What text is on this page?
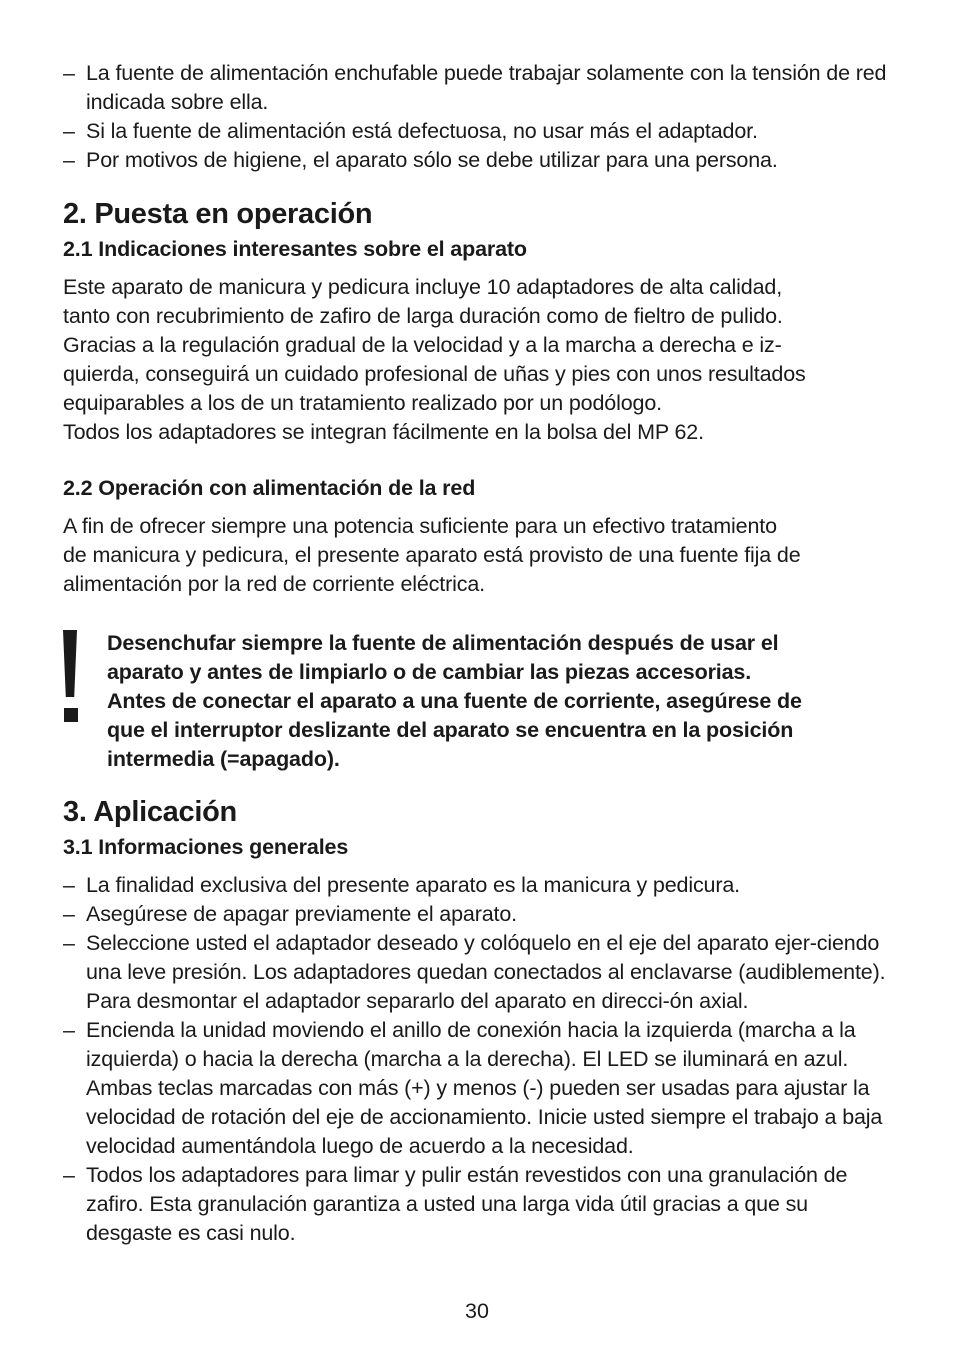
– La fuente de alimentación enchufable puede trabajar solamente con la tensión de red indicada sobre ella.
– Si la fuente de alimentación está defectuosa, no usar más el adaptador.
– Por motivos de higiene, el aparato sólo se debe utilizar para una persona.
2. Puesta en operación
2.1 Indicaciones interesantes sobre el aparato

Este aparato de manicura y pedicura incluye 10 adaptadores de alta calidad,

tanto con recubrimiento de zafiro de larga duración como de fieltro de pulido.

Gracias a la regulación gradual de la velocidad y a la marcha a derecha e iz-

quierda, conseguirá un cuidado profesional de uñas y pies con unos resultados

equiparables a los de un tratamiento realizado por un podólogo.

Todos los adaptadores se integran fácilmente en la bolsa del MP 62.

2.2 Operación con alimentación de la red

A fin de ofrecer siempre una potencia suficiente para un efectivo tratamiento

de manicura y pedicura, el presente aparato está provisto de una fuente fija de

alimentación por la red de corriente eléctrica.

Desenchufar siempre la fuente de alimentación después de usar el

aparato y antes de limpiarlo o de cambiar las piezas accesorias.

Antes de conectar el aparato a una fuente de corriente, asegúrese de

que el interruptor deslizante del aparato se encuentra en la posición

intermedia (=apagado).

3. Aplicación
3.1 Informaciones generales
– La finalidad exclusiva del presente aparato es la manicura y pedicura.
– Asegúrese de apagar previamente el aparato.
– Seleccione usted el adaptador deseado y colóquelo en el eje del aparato ejer-ciendo una leve presión. Los adaptadores quedan conectados al enclavarse (audiblemente). Para desmontar el adaptador separarlo del aparato en direcci-ón axial.
– Encienda la unidad moviendo el anillo de conexión hacia la izquierda (marcha a la izquierda) o hacia la derecha (marcha a la derecha). El LED se iluminará en azul. Ambas teclas marcadas con más (+) y menos (-) pueden ser usadas para ajustar la velocidad de rotación del eje de accionamiento. Inicie usted siempre el trabajo a baja velocidad aumentándola luego de acuerdo a la necesidad.
– Todos los adaptadores para limar y pulir están revestidos con una granulación de zafiro. Esta granulación garantiza a usted una larga vida útil gracias a que su desgaste es casi nulo.
30
